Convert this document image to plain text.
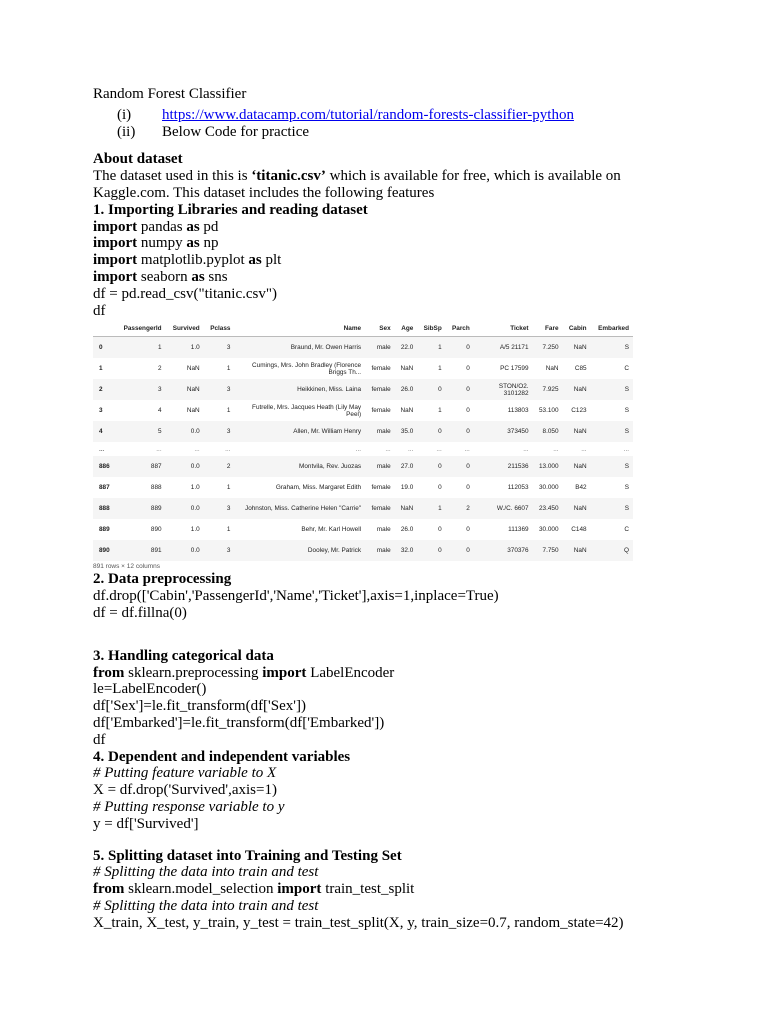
Random Forest Classifier
(i) https://www.datacamp.com/tutorial/random-forests-classifier-python
(ii) Below Code for practice
About dataset
The dataset used in this is ‘titanic.csv’ which is available for free, which is available on
Kaggle.com. This dataset includes the following features
1. Importing Libraries and reading dataset
import pandas as pd
import numpy as np
import matplotlib.pyplot as plt
import seaborn as sns
df = pd.read_csv("titanic.csv")
df
	PassengerId	Survived	Pclass	Name	Sex	Age	SibSp	Parch	Ticket	Fare	Cabin	Embarked
0	1	1.0	3	Braund, Mr. Owen Harris	male	22.0	1	0	A/5 21171	7.250	NaN	S
1	2	NaN	1	Cumings, Mrs. John Bradley (Florence Briggs Th...	female	NaN	1	0	PC 17599	NaN	C85	C
2	3	NaN	3	Heikkinen, Miss. Laina	female	26.0	0	0	STON/O2. 3101282	7.925	NaN	S
3	4	NaN	1	Futrelle, Mrs. Jacques Heath (Lily May Peel)	female	NaN	1	0	113803	53.100	C123	S
4	5	0.0	3	Allen, Mr. William Henry	male	35.0	0	0	373450	8.050	NaN	S
...	...	...	...	...	...	...	...	...	...	...	...	...
886	887	0.0	2	Montvila, Rev. Juozas	male	27.0	0	0	211536	13.000	NaN	S
887	888	1.0	1	Graham, Miss. Margaret Edith	female	19.0	0	0	112053	30.000	B42	S
888	889	0.0	3	Johnston, Miss. Catherine Helen "Carrie"	female	NaN	1	2	W./C. 6607	23.450	NaN	S
889	890	1.0	1	Behr, Mr. Karl Howell	male	26.0	0	0	111369	30.000	C148	C
890	891	0.0	3	Dooley, Mr. Patrick	male	32.0	0	0	370376	7.750	NaN	Q
891 rows × 12 columns
2. Data preprocessing
df.drop(['Cabin','PassengerId','Name','Ticket'],axis=1,inplace=True)
df = df.fillna(0)
3. Handling categorical data
from sklearn.preprocessing import LabelEncoder
le=LabelEncoder()
df['Sex']=le.fit_transform(df['Sex'])
df['Embarked']=le.fit_transform(df['Embarked'])
df
4. Dependent and independent variables
# Putting feature variable to X
X = df.drop('Survived',axis=1)
# Putting response variable to y
y = df['Survived']
5. Splitting dataset into Training and Testing Set
# Splitting the data into train and test
from sklearn.model_selection import train_test_split
# Splitting the data into train and test
X_train, X_test, y_train, y_test = train_test_split(X, y, train_size=0.7, random_state=42)
